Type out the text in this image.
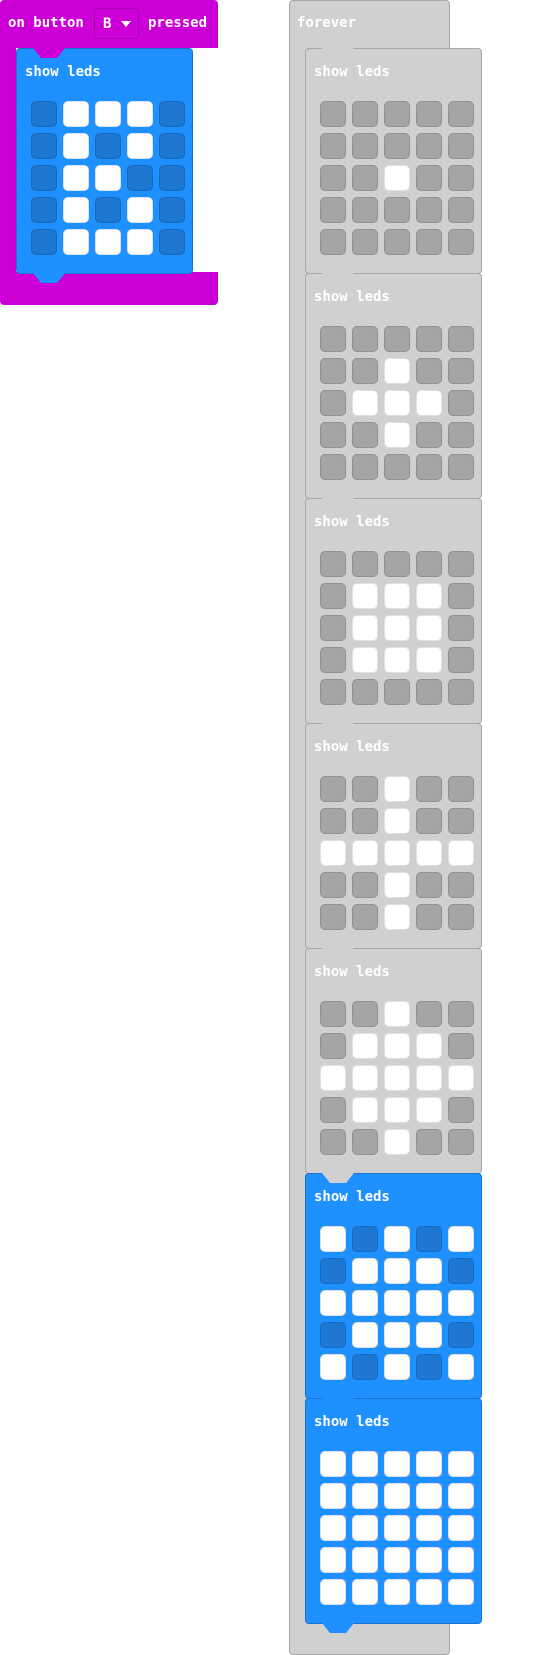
on button B	pressed	forever
show leds	show leds
show leds
show leds
show leds
show leds
show leds
show leds
